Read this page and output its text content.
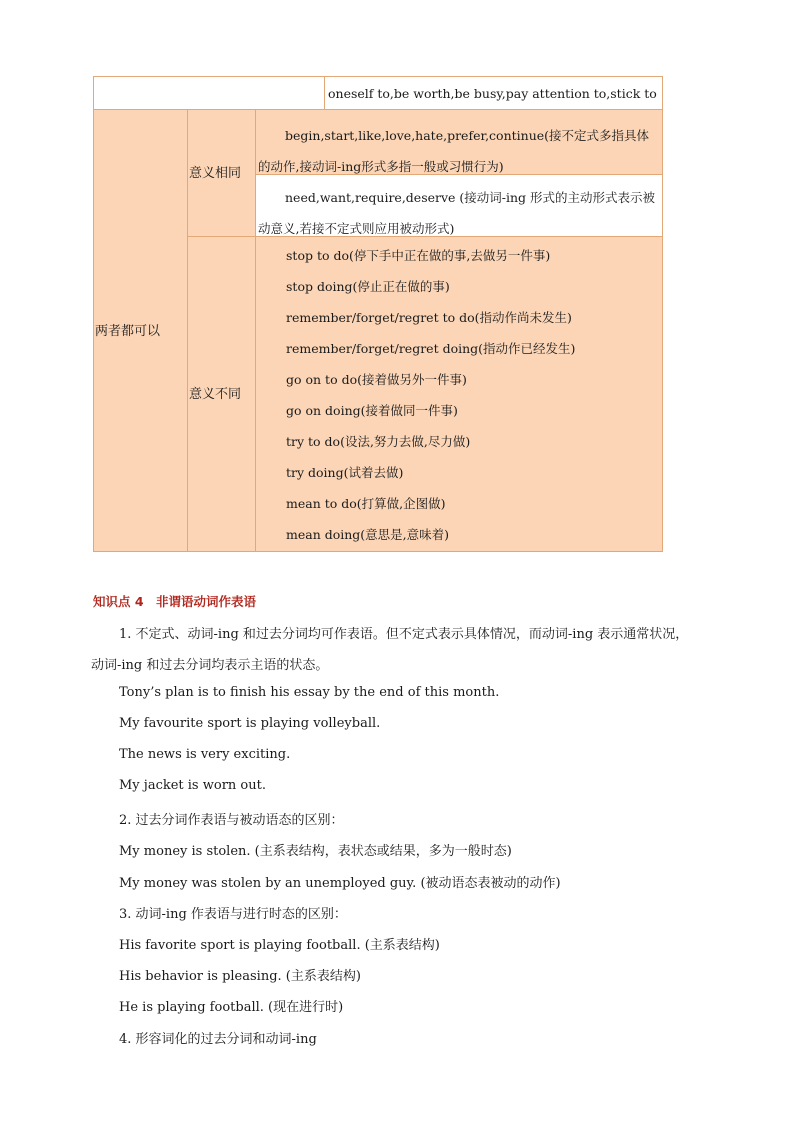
oneself to,be worth,be busy,pay attention to,stick to
两者都可以
意义相同
begin,start,like,love,hate,prefer,continue(接不定式多指具体的动作,接动词-ing形式多指一般或习惯行为)
need,want,require,deserve (接动词-ing 形式的主动形式表示被动意义,若接不定式则应用被动形式)
意义不同
stop to do(停下手中正在做的事,去做另一件事)
stop doing(停止正在做的事)
remember/forget/regret to do(指动作尚未发生)
remember/forget/regret doing(指动作已经发生)
go on to do(接着做另外一件事)
go on doing(接着做同一件事)
try to do(设法,努力去做,尽力做)
try doing(试着去做)
mean to do(打算做,企图做)
mean doing(意思是,意味着)
知识点 4　非谓语动词作表语
1. 不定式、动词-ing 和过去分词均可作表语。但不定式表示具体情况，而动词-ing 表示通常状况，
动词-ing 和过去分词均表示主语的状态。
Tony’s plan is to finish his essay by the end of this month.
My favourite sport is playing volleyball.
The news is very exciting.
My jacket is worn out.
2. 过去分词作表语与被动语态的区别：
My money is stolen. (主系表结构，表状态或结果，多为一般时态)
My money was stolen by an unemployed guy. (被动语态表被动的动作)
3. 动词-ing 作表语与进行时态的区别：
His favorite sport is playing football. (主系表结构)
His behavior is pleasing. (主系表结构)
He is playing football. (现在进行时)
4. 形容词化的过去分词和动词-ing
